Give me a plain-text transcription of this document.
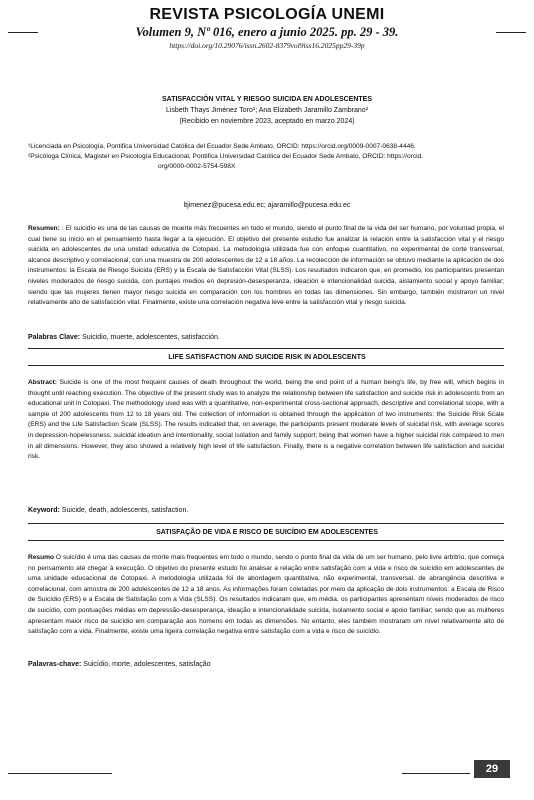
REVISTA PSICOLOGÍA UNEMI
Volumen 9, Nº 016, enero a junio 2025. pp. 29 - 39.
https://doi.org/10.29076/issn.2602-8379vol9iss16.2025pp29-39p
SATISFACCIÓN VITAL Y RIESGO SUICIDA EN ADOLESCENTES
Lisbeth Thays Jiménez Toro¹; Ana Elizabeth Jaramillo Zambrano²
(Recibido en noviembre 2023, aceptado en marzo 2024)
¹Licenciada en Psicología, Pontifica Universidad Católica del Ecuador Sede Ambato, ORCID: https://orcid.org/0009-0007-0638-4446.
²Psicóloga Clínica, Magister en Psicología Educacional, Pontifica Universidad Católica del Ecuador Sede Ambato, ORCID: https://orcid.
org/0000-0002-5754-598X
ltjimenez@pucesa.edu.ec; ajaramillo@pucesa.edu.ec
Resumen: : El suicidio es una de las causas de muerte más frecuentes en todo el mundo, siendo el punto final de la vida del ser humano, por voluntad propia, el cual tiene su inicio en el pensamiento hasta llegar a la ejecución. El objetivo del presente estudio fue analizar la relación entre la satisfacción vital y el riesgo suicida en adolescentes de una unidad educativa de Cotopaxi. La metodología utilizada fue con enfoque cuantitativo, no experimental de corte transversal, alcance descriptivo y correlacional, con una muestra de 200 adolescentes de 12 a 18 años. La recolección de información se obtuvo mediante la aplicación de dos instrumentos: la Escala de Riesgo Suicida (ERS) y la Escala de Satisfacción Vital (SLSS). Los resultados indicaron que, en promedio, los participantes presentan niveles moderados de riesgo suicida, con puntajes medios en depresión-desesperanza, ideación e intencionalidad suicida, aislamiento social y apoyo familiar; siendo que las mujeres tienen mayor riesgo suicida en comparación con los hombres en todas las dimensiones. Sin embargo, también mostraron un nivel relativamente alto de satisfacción vital. Finalmente, existe una correlación negativa leve entre la satisfacción vital y riesgo suicida.
Palabras Clave: Suicidio, muerte, adolescentes, satisfacción.
LIFE SATISFACTION AND SUICIDE RISK IN ADOLESCENTS
Abstract: Suicide is one of the most frequent causes of death throughout the world, being the end point of a human being's life, by free will, which begins in thought until reaching execution. The objective of the present study was to analyze the relationship between life satisfaction and suicide risk in adolescents from an educational unit in Cotopaxi. The methodology used was with a quantitative, non-experimental cross-sectional approach, descriptive and correlational scope, with a sample of 200 adolescents from 12 to 18 years old. The collection of information is obtained through the application of two instruments: the Suicide Risk Scale (ERS) and the Life Satisfaction Scale (SLSS). The results indicated that, on average, the participants present moderate levels of suicidal risk, with average scores in depression-hopelessness, suicidal ideation and intentionality, social isolation and family support; being that women have a higher suicidal risk compared to men in all dimensions. However, they also showed a relatively high level of life satisfaction. Finally, there is a negative correlation between life satisfaction and suicidal risk.
Keyword: Suicide, death, adolescents, satisfaction.
SATISFAÇÃO DE VIDA E RISCO DE SUICÍDIO EM ADOLESCENTES
Resumo O suicídio é uma das causas de morte mais frequentes em todo o mundo, sendo o ponto final da vida de um ser humano, pelo livre arbítrio, que começa no pensamento até chegar à execução. O objetivo do presente estudo foi analisar a relação entre satisfação com a vida e risco de suicídio em adolescentes de uma unidade educacional de Cotopaxi. A metodologia utilizada foi de abordagem quantitativa, não experimental, transversal, de abrangência descritiva e correlacional, com amostra de 200 adolescentes de 12 a 18 anos. As informações foram coletadas por meio da aplicação de dois instrumentos: a Escala de Risco de Suicídio (ERS) e a Escala de Satisfação com a Vida (SLSS). Os resultados indicaram que, em média, os participantes apresentam níveis moderados de risco de suicídio, com pontuações médias em depressão-desesperança, ideação e intencionalidade suicida, isolamento social e apoio familiar; sendo que as mulheres apresentam maior risco de suicídio em comparação aos homens em todas as dimensões. No entanto, eles também mostraram um nível relativamente alto de satisfação com a vida. Finalmente, existe uma ligeira correlação negativa entre satisfação com a vida e risco de suicídio.
Palavras-chave: Suicídio, morte, adolescentes, satisfação
29
